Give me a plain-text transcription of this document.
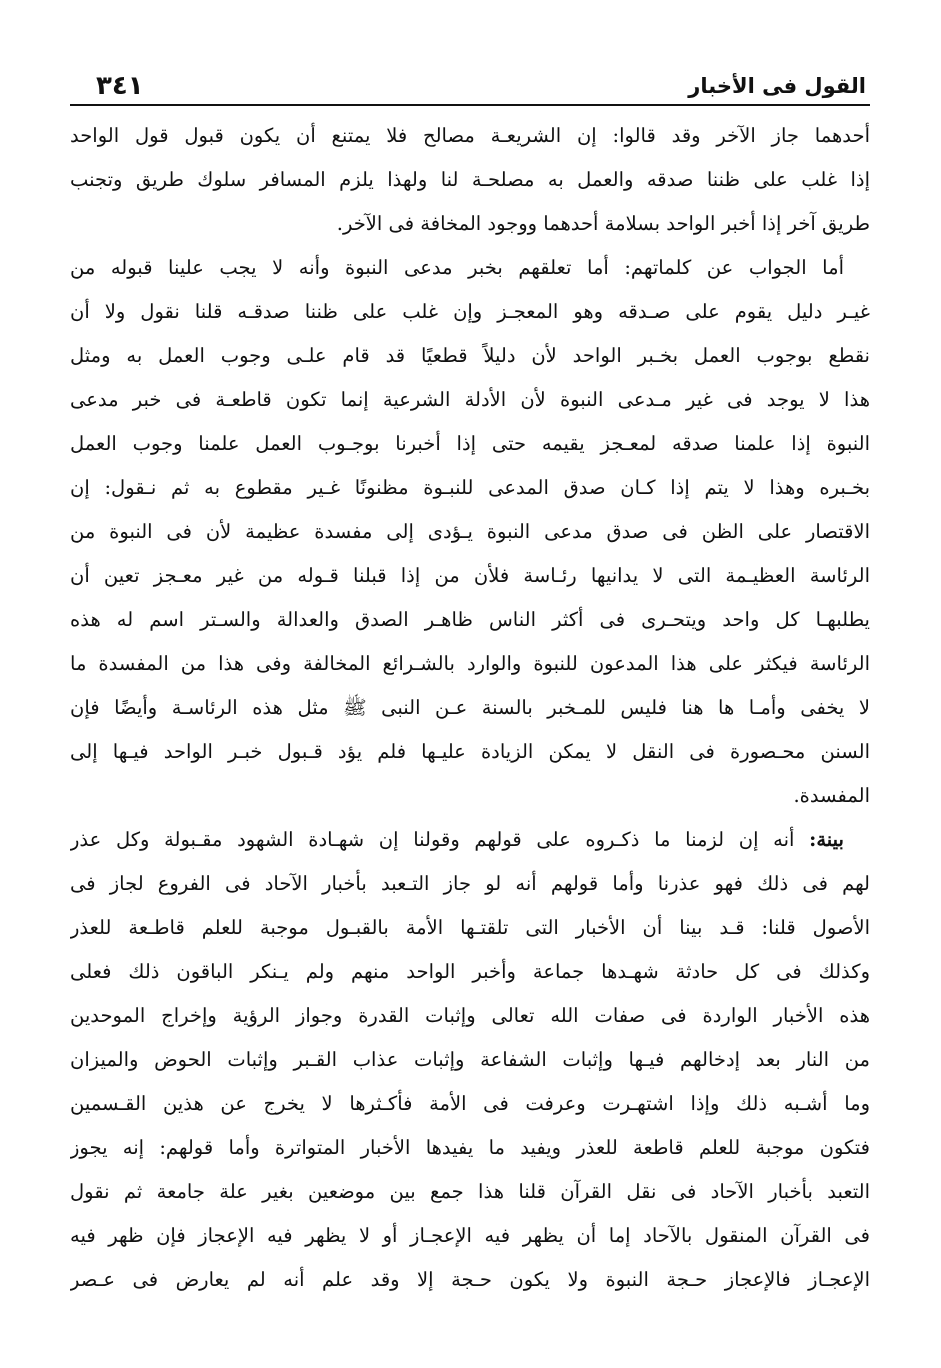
القول فى الأخبار
٣٤١
أحدهما جاز الآخر وقد قالوا: إن الشريعـة مصالح فلا يمتنع أن يكون قبول قول الواحد
إذا غلب على ظننا صدقه والعمل به مصلحـة لنا ولهذا يلزم المسافر سلوك طريق وتجنب
طريق آخر إذا أخبر الواحد بسلامة أحدهما ووجود المخافة فى الآخر.
أما الجواب عن كلماتهم: أما تعلقهم بخبر مدعى النبوة وأنه لا يجب علينا قبوله من
غيـر دليل يقوم على صـدقه وهو المعجـز وإن غلب على ظننا صدقـه قلنا نقول ولا أن
نقطع بوجوب العمل بخـبر الواحد لأن دليلاً قطعيًا قد قام علـى وجوب العمل به ومثل
هذا لا يوجد فى غير مـدعى النبوة لأن الأدلة الشرعية إنما تكون قاطعـة فى خبر مدعى
النبوة إذا علمنا صدقه لمعـجز يقيمه حتى إذا أخبرنا بوجـوب العمل علمنا وجوب العمل
بخـبره وهذا لا يتم إذا كـان صدق المدعى للنبـوة مظنونًا غـير مقطوع به ثم نـقول: إن
الاقتصار على الظن فى صدق مدعى النبوة يـؤدى إلى مفسدة عظيمة لأن فى النبوة من
الرئاسة العظيـمة التى لا يدانيها رئـاسة فلأن من إذا قبلنا قـوله من غير معـجز تعين أن
يطلبهـا كل واحد ويتحـرى فى أكثر الناس ظاهـر الصدق والعدالة والسـتر اسم له هذه
الرئاسة فيكثر على هذا المدعون للنبوة والوارد بالشـرائع المخالفة وفى هذا من المفسدة ما
لا يخفى وأمـا ها هنا فليس للمـخبر بالسنة عـن النبى ﷺ مثل هذه الرئاسـة وأيضًا فإن
السنن محـصورة فى النقل لا يمكن الزيادة عليـها فلم يؤد قـبول خبـر الواحد فيـها إلى
المفسدة.
بينة: أنه إن لزمنا ما ذكـروه على قولهم وقولنا إن شهـادة الشهود مقـبولة وكل عذر
لهم فى ذلك فهو عذرنا وأما قولهم أنه لو جاز التـعبد بأخبار الآحاد فى الفروع لجاز فى
الأصول قلنا: قـد بينا أن الأخبار التى تلقتـها الأمة بالقبـول موجبة للعلم قاطـعة للعذر
وكذلك فى كل حادثة شهـدها جماعة وأخبر الواحد منهم ولم يـنكر الباقون ذلك فعلى
هذه الأخبار الواردة فى صفات الله تعالى وإثبات القدرة وجواز الرؤية وإخراج الموحدين
من النار بعد إدخالهم فيـها وإثبات الشفاعة وإثبات عذاب القـبر وإثبات الحوض والميزان
وما أشـبه ذلك وإذا اشتهـرت وعرفت فى الأمة فأكـثرها لا يخرج عن هذين القـسمين
فتكون موجبة للعلم قاطعة للعذر ويفيد ما يفيدها الأخبار المتواترة وأما قولهم: إنه يجوز
التعبد بأخبار الآحاد فى نقل القرآن قلنا هذا جمع بين موضعين بغير علة جامعة ثم نقول
فى القرآن المنقول بالآحاد إما أن يظهر فيه الإعجـاز أو لا يظهر فيه الإعجاز فإن ظهر فيه
الإعجـاز فالإعجاز حـجة النبوة ولا يكون حـجة إلا وقد علم أنه لم يعارض فى عـصر
